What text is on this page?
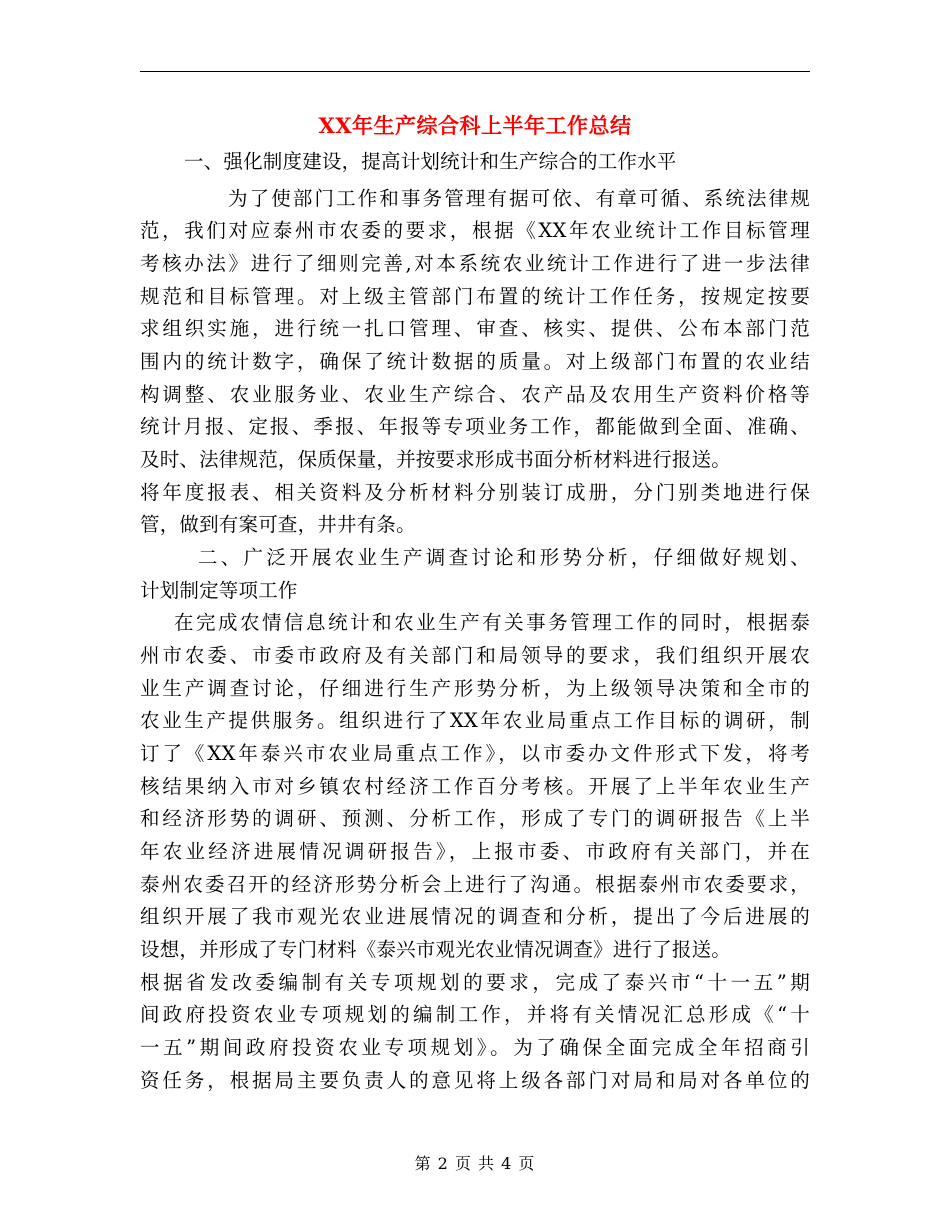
XX年生产综合科上半年工作总结
一、强化制度建设，提高计划统计和生产综合的工作水平
为了使部门工作和事务管理有据可依、有章可循、系统法律规
范，我们对应泰州市农委的要求，根据《XX年农业统计工作目标管理
考核办法》进行了细则完善,对本系统农业统计工作进行了进一步法律
规范和目标管理。对上级主管部门布置的统计工作任务，按规定按要
求组织实施，进行统一扎口管理、审查、核实、提供、公布本部门范
围内的统计数字，确保了统计数据的质量。对上级部门布置的农业结
构调整、农业服务业、农业生产综合、农产品及农用生产资料价格等
统计月报、定报、季报、年报等专项业务工作，都能做到全面、准确、
及时、法律规范，保质保量，并按要求形成书面分析材料进行报送。
将年度报表、相关资料及分析材料分别装订成册，分门别类地进行保
管，做到有案可查，井井有条。
二、广泛开展农业生产调查讨论和形势分析，仔细做好规划、
计划制定等项工作
在完成农情信息统计和农业生产有关事务管理工作的同时，根据泰
州市农委、市委市政府及有关部门和局领导的要求，我们组织开展农
业生产调查讨论，仔细进行生产形势分析，为上级领导决策和全市的
农业生产提供服务。组织进行了XX年农业局重点工作目标的调研，制
订了《XX年泰兴市农业局重点工作》，以市委办文件形式下发，将考
核结果纳入市对乡镇农村经济工作百分考核。开展了上半年农业生产
和经济形势的调研、预测、分析工作，形成了专门的调研报告《上半
年农业经济进展情况调研报告》，上报市委、市政府有关部门，并在
泰州农委召开的经济形势分析会上进行了沟通。根据泰州市农委要求，
组织开展了我市观光农业进展情况的调查和分析，提出了今后进展的
设想，并形成了专门材料《泰兴市观光农业情况调查》进行了报送。
根据省发改委编制有关专项规划的要求，完成了泰兴市“十一五”期
间政府投资农业专项规划的编制工作，并将有关情况汇总形成《“十
一五”期间政府投资农业专项规划》。为了确保全面完成全年招商引
资任务，根据局主要负责人的意见将上级各部门对局和局对各单位的
第 2 页 共 4 页
